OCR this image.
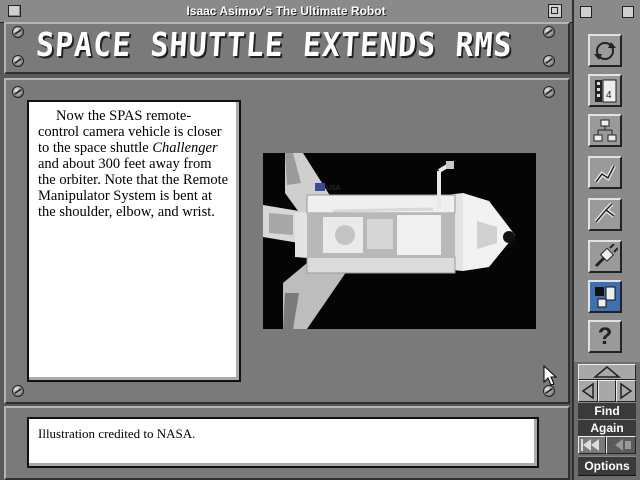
Isaac Asimov's The Ultimate Robot
SPACE SHUTTLE EXTENDS RMS

Now the SPAS remote-control camera vehicle is closer to the space shuttle Challenger and about 300 feet away from the orbiter. Note that the Remote Manipulator System is bent at the shoulder, elbow, and wrist.

USA
Illustration credited to NASA.
4
?
Find
Again
Options
